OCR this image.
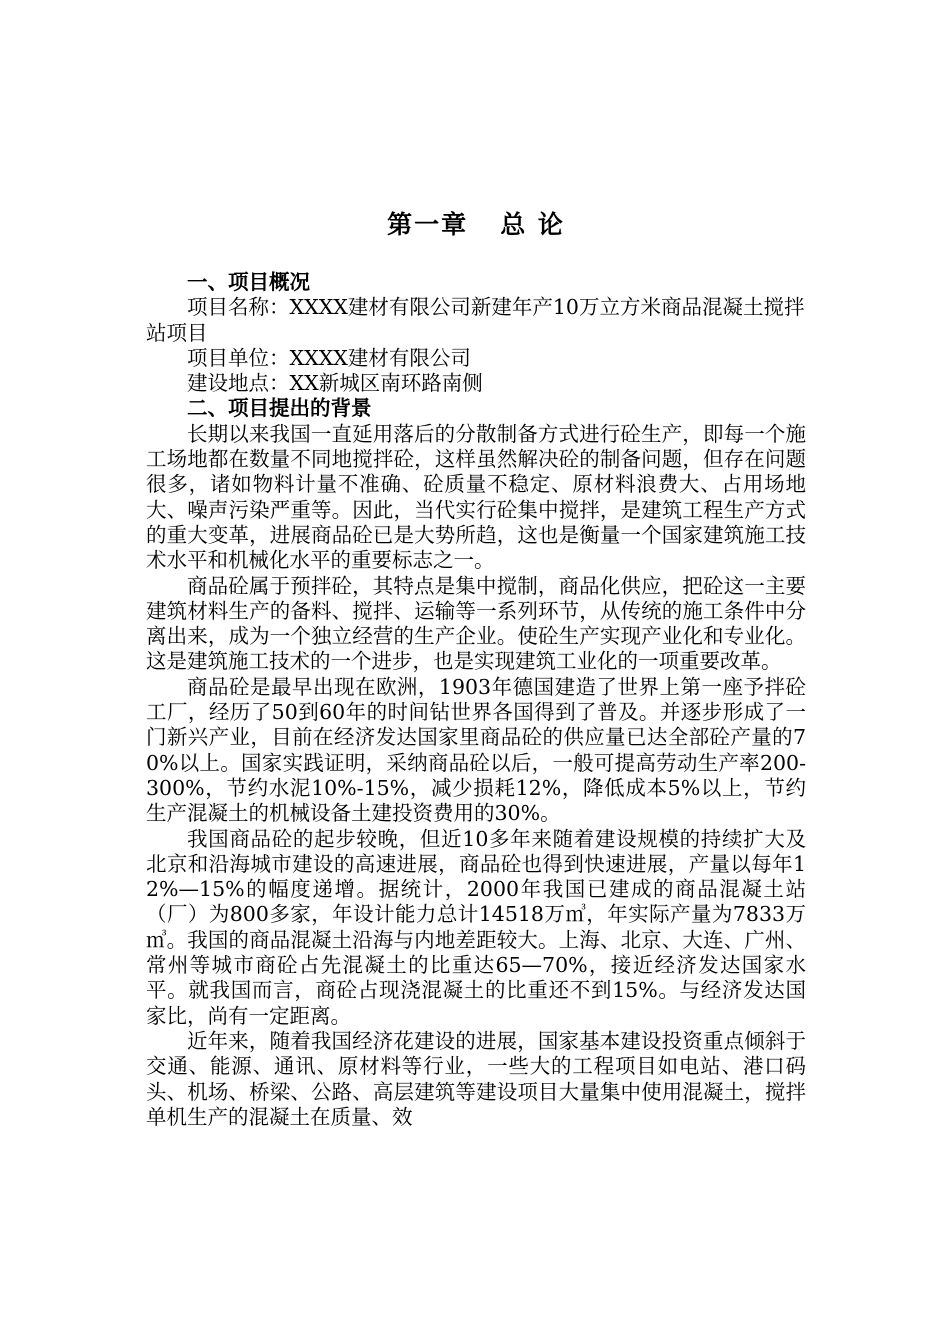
第一章   总 论
一、项目概况

项目名称：XXXX建材有限公司新建年产10万立方米商品混凝土搅拌站项目

项目单位：XXXX建材有限公司

建设地点：XX新城区南环路南侧

二、项目提出的背景

长期以来我国一直延用落后的分散制备方式进行砼生产，即每一个施工场地都在数量不同地搅拌砼，这样虽然解决砼的制备问题，但存在问题很多，诸如物料计量不准确、砼质量不稳定、原材料浪费大、占用场地大、噪声污染严重等。因此，当代实行砼集中搅拌，是建筑工程生产方式的重大变革，进展商品砼已是大势所趋，这也是衡量一个国家建筑施工技术水平和机械化水平的重要标志之一。

商品砼属于预拌砼，其特点是集中搅制，商品化供应，把砼这一主要建筑材料生产的备料、搅拌、运输等一系列环节，从传统的施工条件中分离出来，成为一个独立经营的生产企业。使砼生产实现产业化和专业化。这是建筑施工技术的一个进步，也是实现建筑工业化的一项重要改革。

商品砼是最早出现在欧洲，1903年德国建造了世界上第一座予拌砼工厂，经历了50到60年的时间钻世界各国得到了普及。并逐步形成了一门新兴产业，目前在经济发达国家里商品砼的供应量已达全部砼产量的70%以上。国家实践证明，采纳商品砼以后，一般可提高劳动生产率200-300%，节约水泥10%-15%，减少损耗12%，降低成本5%以上，节约生产混凝土的机械设备土建投资费用的30%。

我国商品砼的起步较晚，但近10多年来随着建设规模的持续扩大及北京和沿海城市建设的高速进展，商品砼也得到快速进展，产量以每年12%—15%的幅度递增。据统计，2000年我国已建成的商品混凝土站（厂）为800多家，年设计能力总计14518万㎥，年实际产量为7833万㎥。我国的商品混凝土沿海与内地差距较大。上海、北京、大连、广州、常州等城市商砼占先混凝土的比重达65—70%，接近经济发达国家水平。就我国而言，商砼占现浇混凝土的比重还不到15%。与经济发达国家比，尚有一定距离。

近年来，随着我国经济花建设的进展，国家基本建设投资重点倾斜于交通、能源、通讯、原材料等行业，一些大的工程项目如电站、港口码头、机场、桥梁、公路、高层建筑等建设项目大量集中使用混凝土，搅拌单机生产的混凝土在质量、效
